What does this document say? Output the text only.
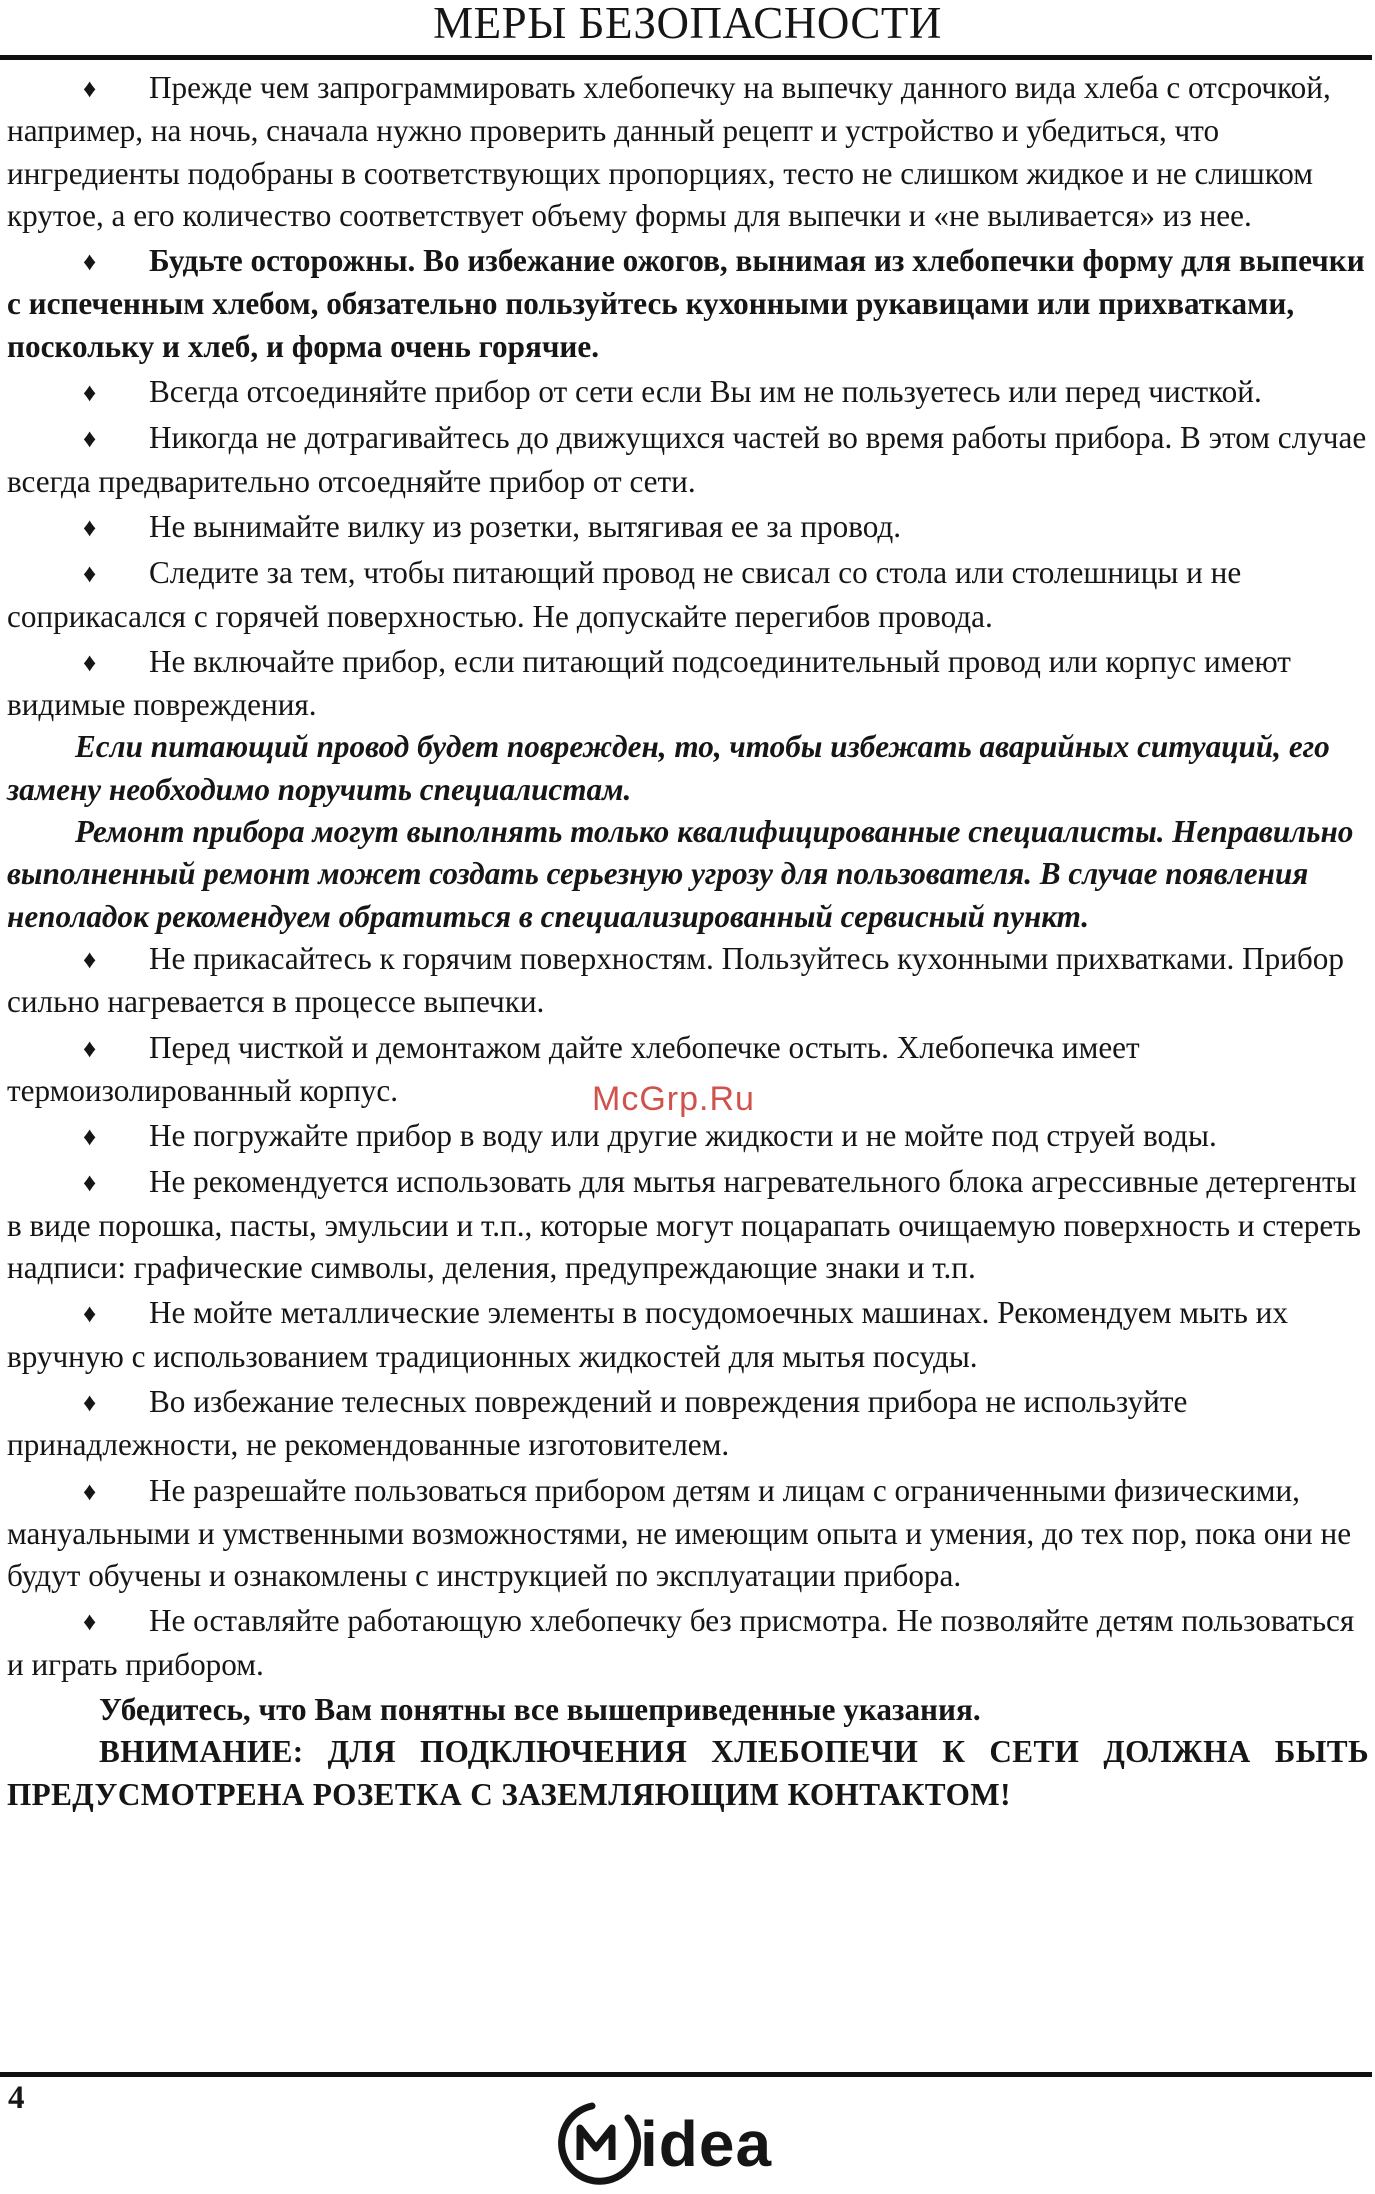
МЕРЫ БЕЗОПАСНОСТИ

♦ Прежде чем запрограммировать хлебопечку на выпечку данного вида хлеба с отсрочкой, например, на ночь, сначала нужно проверить данный рецепт и устройство и убедиться, что ингредиенты подобраны в соответствующих пропорциях, тесто не слишком жидкое и не слишком крутое, а его количество соответствует объему формы для выпечки и «не выливается» из нее.

♦ Будьте осторожны. Во избежание ожогов, вынимая из хлебопечки форму для выпечки с испеченным хлебом, обязательно пользуйтесь кухонными рукавицами или прихватками, поскольку и хлеб, и форма очень горячие.

♦ Всегда отсоединяйте прибор от сети если Вы им не пользуетесь или перед чисткой.

♦ Никогда не дотрагивайтесь до движущихся частей во время работы прибора. В этом случае всегда предварительно отсоедняйте прибор от сети.

♦ Не вынимайте вилку из розетки, вытягивая ее за провод.

♦ Следите за тем, чтобы питающий провод не свисал со стола или столешницы и не соприкасался с горячей поверхностью. Не допускайте перегибов провода.

♦ Не включайте прибор, если питающий подсоединительный провод или корпус имеют видимые повреждения.

Если питающий провод будет поврежден, то, чтобы избежать аварийных ситуаций, его замену необходимо поручить специалистам.

Ремонт прибора могут выполнять только квалифицированные специалисты. Неправильно выполненный ремонт может создать серьезную угрозу для пользователя. В случае появления неполадок рекомендуем обратиться в специализированный сервисный пункт.

♦ Не прикасайтесь к горячим поверхностям. Пользуйтесь кухонными прихватками. Прибор сильно нагревается в процессе выпечки.

♦ Перед чисткой и демонтажом дайте хлебопечке остыть. Хлебопечка имеет термоизолированный корпус.

♦ Не погружайте прибор в воду или другие жидкости и не мойте под струей воды.

♦ Не рекомендуется использовать для мытья нагревательного блока агрессивные детергенты в виде порошка, пасты, эмульсии и т.п., которые могут поцарапать очищаемую поверхность и стереть надписи: графические символы, деления, предупреждающие знаки и т.п.

♦ Не мойте металлические элементы в посудомоечных машинах. Рекомендуем мыть их вручную с использованием традиционных жидкостей для мытья посуды.

♦ Во избежание телесных повреждений и повреждения прибора не используйте принадлежности, не рекомендованные изготовителем.

♦ Не разрешайте пользоваться прибором детям и лицам с ограниченными физическими, мануальными и умственными возможностями, не имеющим опыта и умения, до тех пор, пока они не будут обучены и ознакомлены с инструкцией по эксплуатации прибора.

♦ Не оставляйте работающую хлебопечку без присмотра. Не позволяйте детям пользоваться и играть прибором.

Убедитесь, что Вам понятны все вышеприведенные указания.

ВНИМАНИЕ: ДЛЯ ПОДКЛЮЧЕНИЯ ХЛЕБОПЕЧИ К СЕТИ ДОЛЖНА БЫТЬ ПРЕДУСМОТРЕНА РОЗЕТКА С ЗАЗЕМЛЯЮЩИМ КОНТАКТОМ!

McGrp.Ru
4
idea
